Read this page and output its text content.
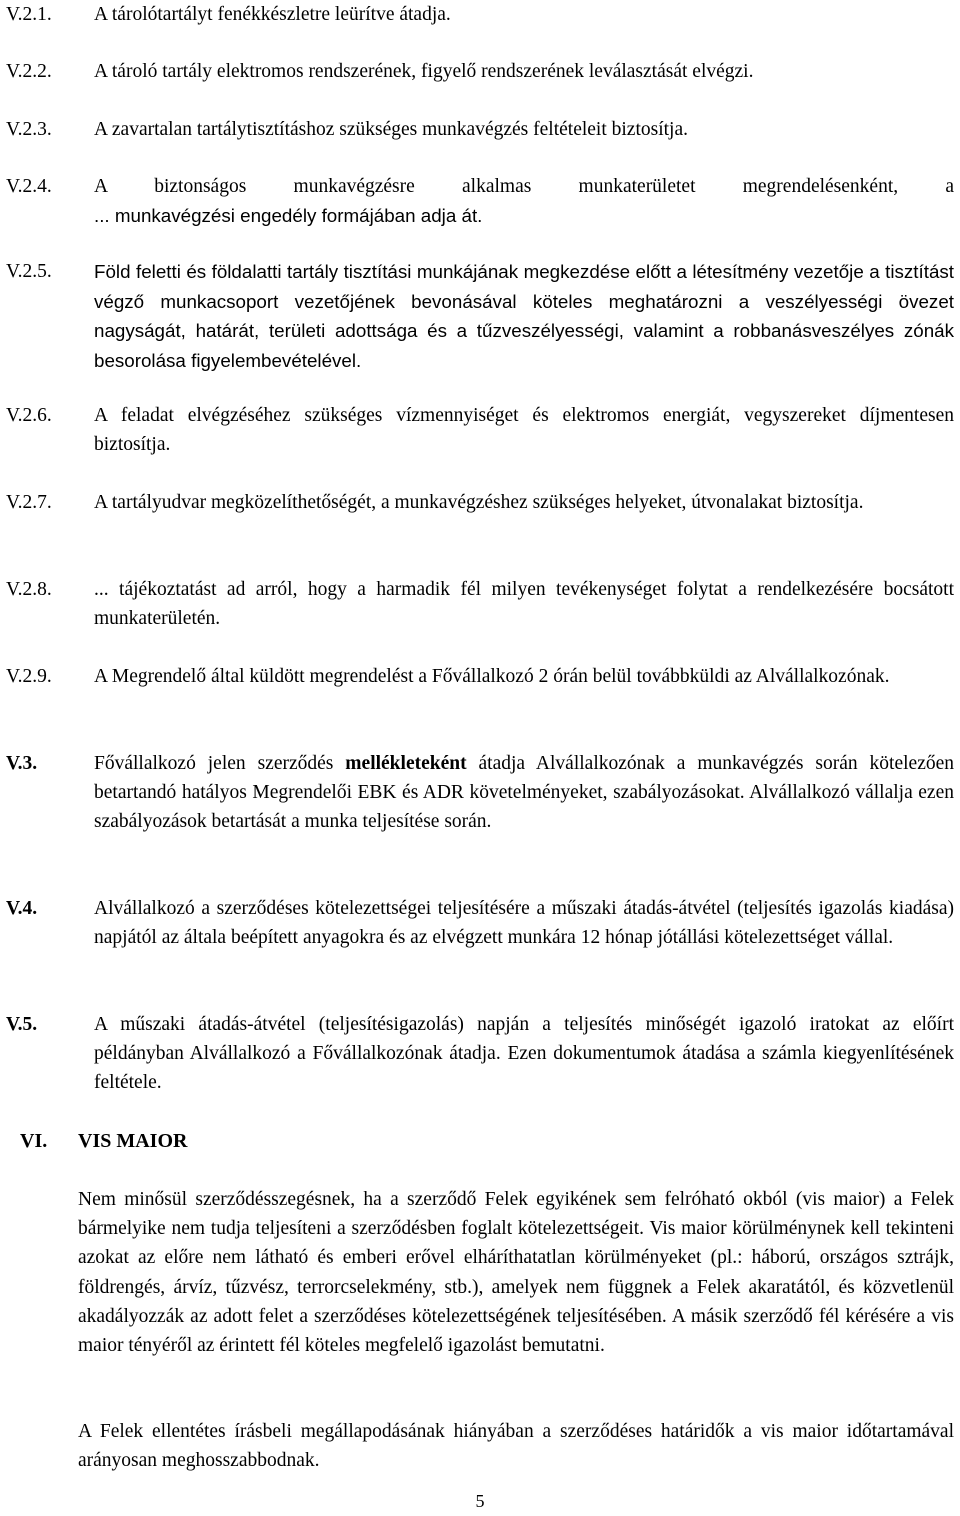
V.2.1. A tárolótartályt fenékkészletre leürítve átadja.
V.2.2. A tároló tartály elektromos rendszerének, figyelő rendszerének leválasztását elvégzi.
V.2.3. A zavartalan tartálytisztításhoz szükséges munkavégzés feltételeit biztosítja.
V.2.4. A biztonságos munkavégzésre alkalmas munkaterületet megrendelésenként, a
... munkavégzési engedély formájában adja át.
V.2.5. Föld feletti és földalatti tartály tisztítási munkájának megkezdése előtt a létesítmény vezetője a tisztítást végző munkacsoport vezetőjének bevonásával köteles meghatározni a veszélyességi övezet nagyságát, határát, területi adottsága és a tűzveszélyességi, valamint a robbanásveszélyes zónák besorolása figyelembevételével.
V.2.6. A feladat elvégzéséhez szükséges vízmennyiséget és elektromos energiát, vegyszereket díjmentesen biztosítja.
V.2.7. A tartályudvar megközelíthetőségét, a munkavégzéshez szükséges helyeket, útvonalakat biztosítja.
V.2.8. ... tájékoztatást ad arról, hogy a harmadik fél milyen tevékenységet folytat a rendelkezésére bocsátott munkaterületén.
V.2.9. A Megrendelő által küldött megrendelést a Fővállalkozó 2 órán belül továbbküldi az Alvállalkozónak.
V.3.	Fővállalkozó jelen szerződés mellékleteként átadja Alvállalkozónak a munkavégzés során kötelezően betartandó hatályos Megrendelői EBK és ADR követelményeket, szabályozásokat. Alvállalkozó vállalja ezen szabályozások betartását a munka teljesítése során.
V.4.	Alvállalkozó a szerződéses kötelezettségei teljesítésére a műszaki átadás-átvétel (teljesítés igazolás kiadása) napjától az általa beépített anyagokra és az elvégzett munkára 12 hónap jótállási kötelezettséget vállal.
V.5.	A műszaki átadás-átvétel (teljesítésigazolás) napján a teljesítés minőségét igazoló iratokat az előírt példányban Alvállalkozó a Fővállalkozónak átadja. Ezen dokumentumok átadása a számla kiegyenlítésének feltétele.
VI. VIS MAIOR
Nem minősül szerződésszegésnek, ha a szerződő Felek egyikének sem felróható okból (vis maior) a Felek bármelyike nem tudja teljesíteni a szerződésben foglalt kötelezettségeit. Vis maior körülménynek kell tekinteni azokat az előre nem látható és emberi erővel elháríthatatlan körülményeket (pl.: háború, országos sztrájk, földrengés, árvíz, tűzvész, terrorcselekmény, stb.), amelyek nem függnek a Felek akaratától, és közvetlenül akadályozzák az adott felet a szerződéses kötelezettségének teljesítésében. A másik szerződő fél kérésére a vis maior tényéről az érintett fél köteles megfelelő igazolást bemutatni.
A Felek ellentétes írásbeli megállapodásának hiányában a szerződéses határidők a vis maior időtartamával arányosan meghosszabbodnak.
5
